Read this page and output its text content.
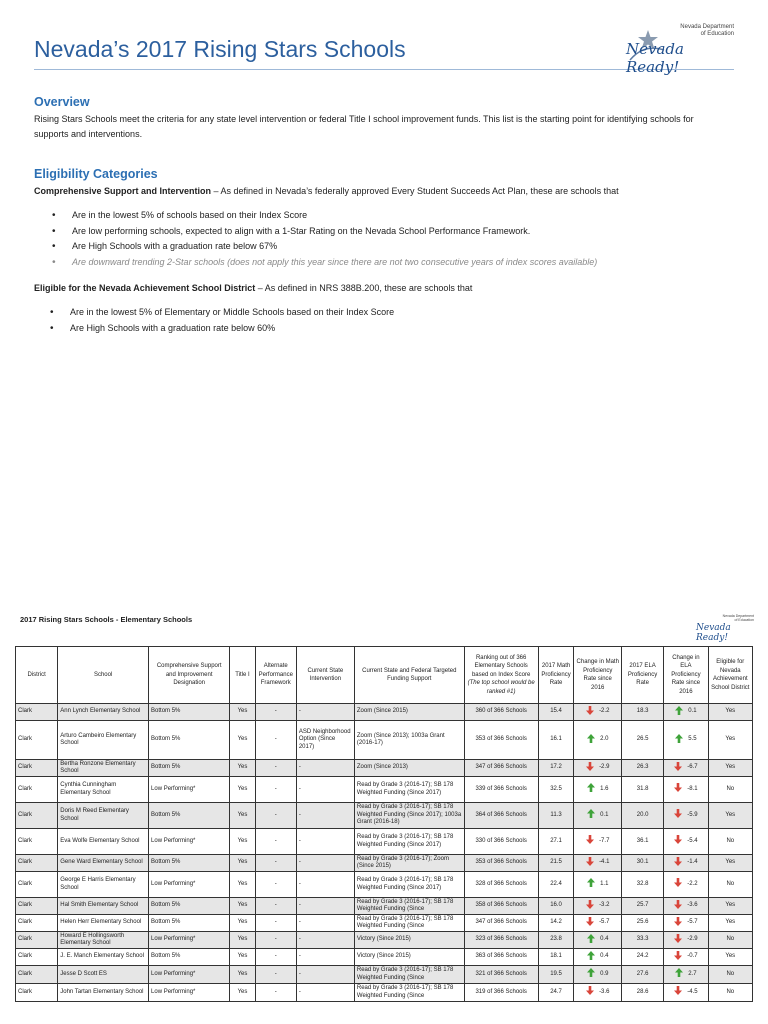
Nevada’s 2017 Rising Stars Schools
Nevada Department
of Education
Nevada Ready!
Overview

Rising Stars Schools meet the criteria for any state level intervention or federal Title I school improvement funds. This list is the starting point for identifying schools for supports and interventions.

Eligibility Categories

Comprehensive Support and Intervention – As defined in Nevada’s federally approved Every Student Succeeds Act Plan, these are schools that

• Are in the lowest 5% of schools based on their Index Score
• Are low performing schools, expected to align with a 1-Star Rating on the Nevada School Performance Framework.
• Are High Schools with a graduation rate below 67%
• Are downward trending 2-Star schools (does not apply this year since there are not two consecutive years of index scores available)

Eligible for the Nevada Achievement School District – As defined in NRS 388B.200, these are schools that

• Are in the lowest 5% of Elementary or Middle Schools based on their Index Score
• Are High Schools with a graduation rate below 60%
2017 Rising Stars Schools - Elementary Schools	Nevada Department
of Education
Nevada Ready!
District	School	Comprehensive Support and Improvement Designation	Title I	Alternate Performance Framework	Current State Intervention	Current State and Federal Targeted Funding Support	Ranking out of 366 Elementary Schools based on Index Score
(The top school would be ranked #1)	2017 Math Proficiency Rate	Change in Math Proficiency Rate since 2016	2017 ELA Proficiency Rate	Change in ELA Proficiency Rate since 2016	Eligible for Nevada Achievement School District
Clark	Ann Lynch Elementary School	Bottom 5%	Yes	-	-	Zoom (Since 2015)	360 of 366 Schools	15.4	-2.2	18.3	0.1	Yes
Clark	Arturo Cambeiro Elementary School	Bottom 5%	Yes	-	ASD Neighborhood Option (Since 2017)	Zoom (Since 2013); 1003a Grant (2016-17)	353 of 366 Schools	16.1	2.0	26.5	5.5	Yes
Clark	Bertha Ronzone Elementary School	Bottom 5%	Yes	-	-	Zoom (Since 2013)	347 of 366 Schools	17.2	-2.9	26.3	-6.7	Yes
Clark	Cynthia Cunningham Elementary School	Low Performing*	Yes	-	-	Read by Grade 3 (2016-17); SB 178 Weighted Funding (Since 2017)	339 of 366 Schools	32.5	1.6	31.8	-8.1	No
Clark	Doris M Reed Elementary School	Bottom 5%	Yes	-	-	Read by Grade 3 (2016-17); SB 178 Weighted Funding (Since 2017); 1003a Grant (2016-18)	364 of 366 Schools	11.3	0.1	20.0	-5.9	Yes
Clark	Eva Wolfe Elementary School	Low Performing*	Yes	-	-	Read by Grade 3 (2016-17); SB 178 Weighted Funding (Since 2017)	330 of 366 Schools	27.1	-7.7	36.1	-5.4	No
Clark	Gene Ward Elementary School	Bottom 5%	Yes	-	-	Read by Grade 3 (2016-17); Zoom (Since 2015)	353 of 366 Schools	21.5	-4.1	30.1	-1.4	Yes
Clark	George E Harris Elementary School	Low Performing*	Yes	-	-	Read by Grade 3 (2016-17); SB 178 Weighted Funding (Since 2017)	328 of 366 Schools	22.4	1.1	32.8	-2.2	No
Clark	Hal Smith Elementary School	Bottom 5%	Yes	-	-	Read by Grade 3 (2016-17); SB 178 Weighted Funding (Since	358 of 366 Schools	16.0	-3.2	25.7	-3.6	Yes
Clark	Helen Herr Elementary School	Bottom 5%	Yes	-	-	Read by Grade 3 (2016-17); SB 178 Weighted Funding (Since	347 of 366 Schools	14.2	-5.7	25.6	-5.7	Yes
Clark	Howard E Hollingsworth Elementary School	Low Performing*	Yes	-	-	Victory (Since 2015)	323 of 366 Schools	23.8	0.4	33.3	-2.9	No
Clark	J. E. Manch Elementary School	Bottom 5%	Yes	-	-	Victory (Since 2015)	363 of 366 Schools	18.1	0.4	24.2	-0.7	Yes
Clark	Jesse D Scott ES	Low Performing*	Yes	-	-	Read by Grade 3 (2016-17); SB 178 Weighted Funding (Since	321 of 366 Schools	19.5	0.9	27.6	2.7	No
Clark	John Tartan Elementary School	Low Performing*	Yes	-	-	Read by Grade 3 (2016-17); SB 178 Weighted Funding (Since	319 of 366 Schools	24.7	-3.6	28.6	-4.5	No
